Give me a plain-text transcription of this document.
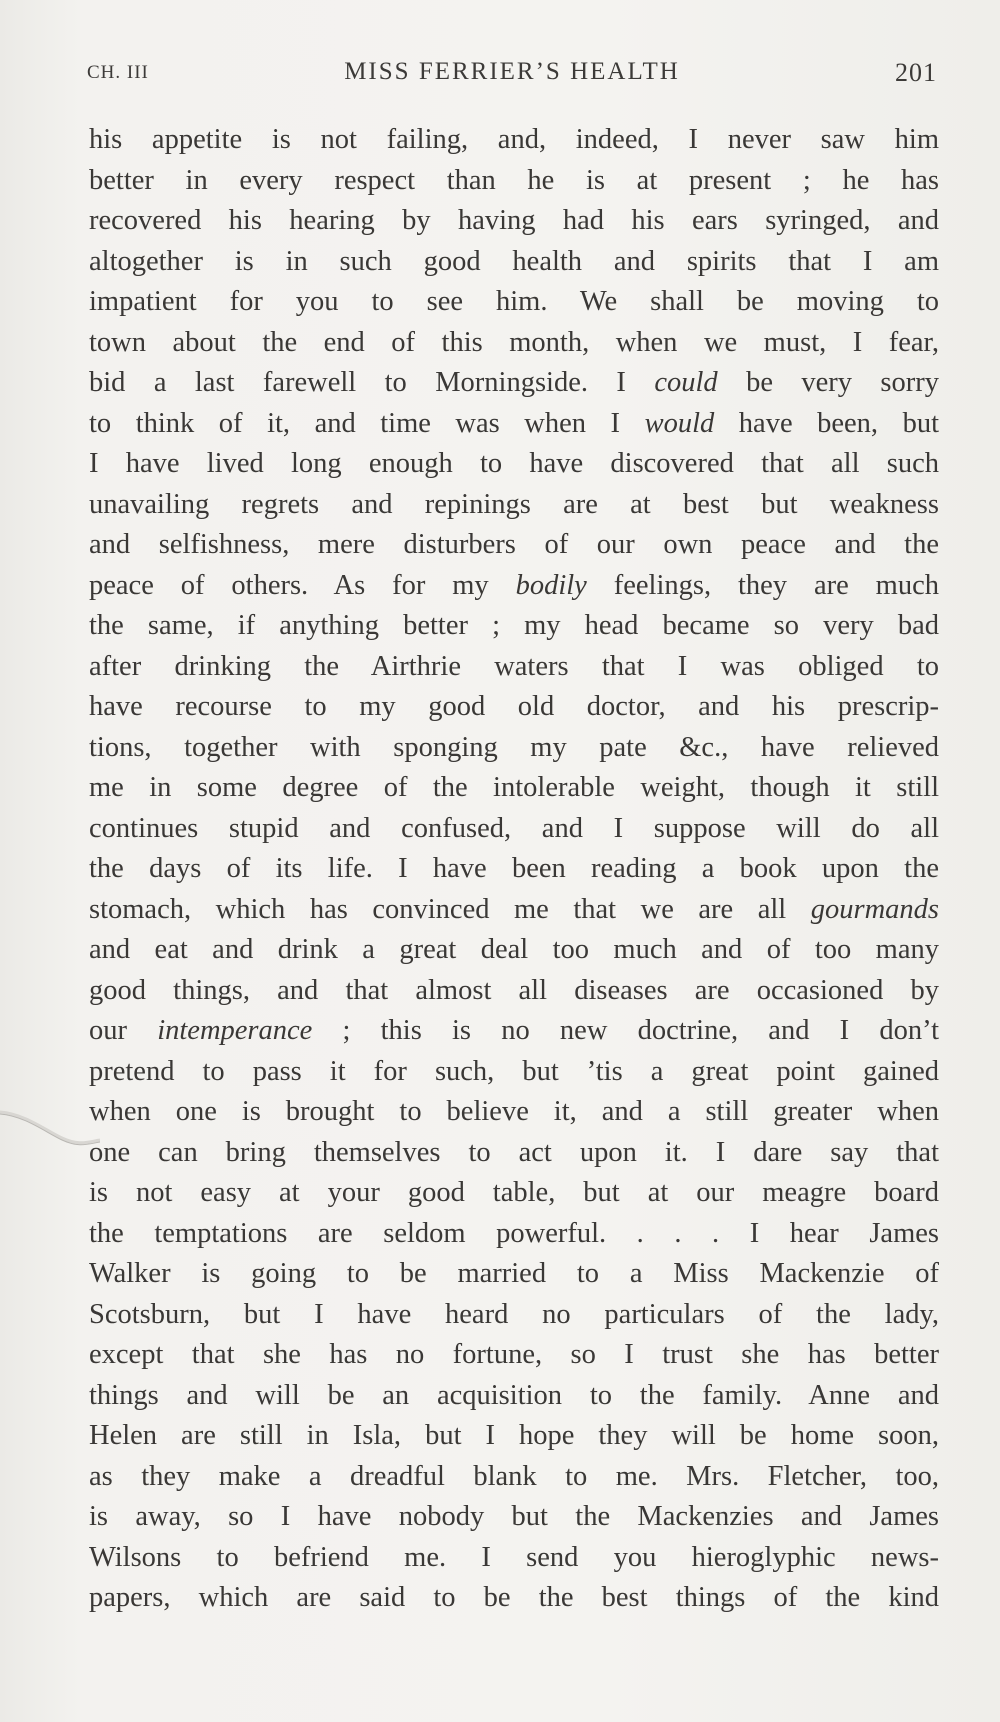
CH. III	MISS FERRIER’S HEALTH	201
his appetite is not failing, and, indeed, I never saw him
better in every respect than he is at present ; he has
recovered his hearing by having had his ears syringed, and
altogether is in such good health and spirits that I am
impatient for you to see him. We shall be moving to
town about the end of this month, when we must, I fear,
bid a last farewell to Morningside. I could be very sorry
to think of it, and time was when I would have been, but
I have lived long enough to have discovered that all such
unavailing regrets and repinings are at best but weakness
and selfishness, mere disturbers of our own peace and the
peace of others. As for my bodily feelings, they are much
the same, if anything better ; my head became so very bad
after drinking the Airthrie waters that I was obliged to
have recourse to my good old doctor, and his prescrip-
tions, together with sponging my pate &c., have relieved
me in some degree of the intolerable weight, though it still
continues stupid and confused, and I suppose will do all
the days of its life. I have been reading a book upon the
stomach, which has convinced me that we are all gourmands
and eat and drink a great deal too much and of too many
good things, and that almost all diseases are occasioned by
our intemperance ; this is no new doctrine, and I don’t
pretend to pass it for such, but ’tis a great point gained
when one is brought to believe it, and a still greater when
one can bring themselves to act upon it. I dare say that
is not easy at your good table, but at our meagre board
the temptations are seldom powerful. . . . I hear James
Walker is going to be married to a Miss Mackenzie of
Scotsburn, but I have heard no particulars of the lady,
except that she has no fortune, so I trust she has better
things and will be an acquisition to the family. Anne and
Helen are still in Isla, but I hope they will be home soon,
as they make a dreadful blank to me. Mrs. Fletcher, too,
is away, so I have nobody but the Mackenzies and James
Wilsons to befriend me. I send you hieroglyphic news-
papers, which are said to be the best things of the kind
